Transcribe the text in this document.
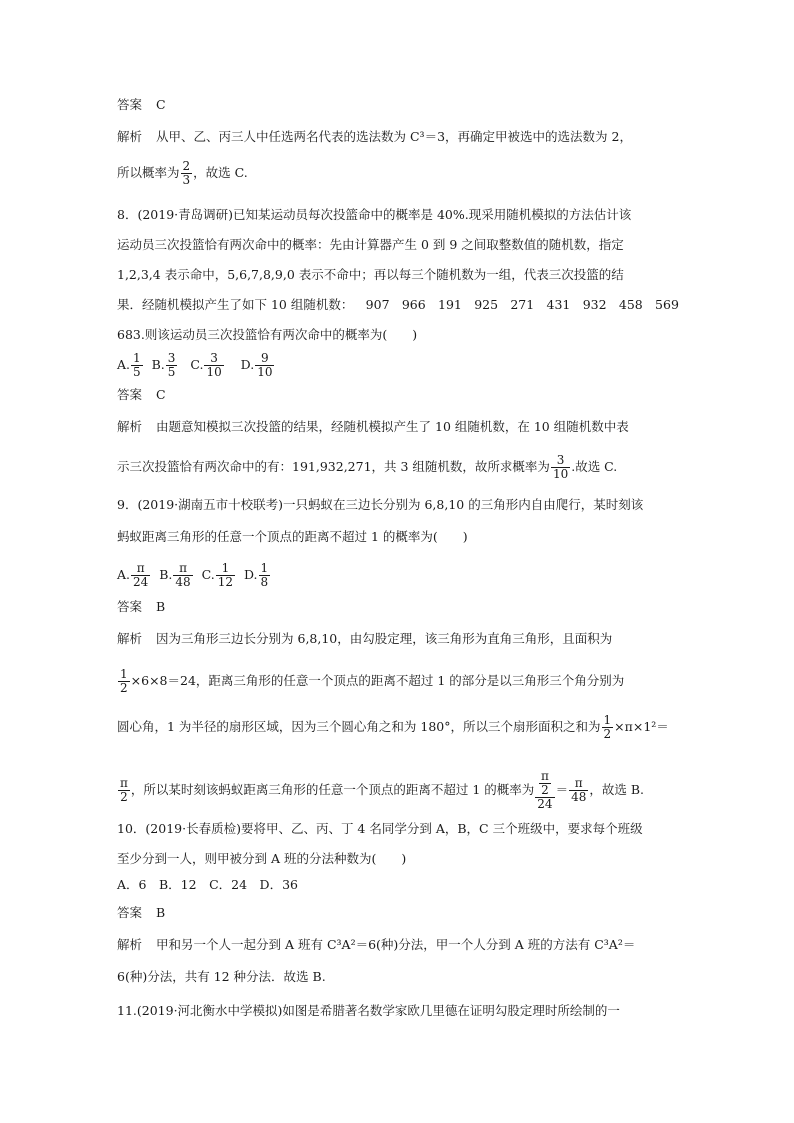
答案 C
解析 从甲、乙、丙三人中任选两名代表的选法数为 C³＝3，再确定甲被选中的选法数为 2，
所以概率为 $\frac{2}{3}$ ，故选 C.
8．(2019·青岛调研)已知某运动员每次投篮命中的概率是 40%.现采用随机模拟的方法估计该
运动员三次投篮恰有两次命中的概率：先由计算器产生 0 到 9 之间取整数值的随机数，指定
1,2,3,4 表示命中，5,6,7,8,9,0 表示不命中；再以每三个随机数为一组，代表三次投篮的结
果．经随机模拟产生了如下 10 组随机数： 907 966 191 925 271 431 932 458 569
683.则该运动员三次投篮恰有两次命中的概率为(　　)
A. $\frac{1}{5} B$. $\frac{3}{5} C$. $\frac{3}{10} D$. $\frac{9}{10}$
答案 C
解析 由题意知模拟三次投篮的结果，经随机模拟产生了 10 组随机数，在 10 组随机数中表
示三次投篮恰有两次命中的有：191,932,271，共 3 组随机数，故所求概率为 $\frac{3}{10}$ .故选 C.
9．(2019·湖南五市十校联考)一只蚂蚁在三边长分别为 6,8,10 的三角形内自由爬行，某时刻该
蚂蚁距离三角形的任意一个顶点的距离不超过 1 的概率为(　　)
A. $\frac{\pi}{24} B$. $\frac{\pi}{48} C$. $\frac{1}{12} D$. $\frac{1}{8}$
答案 B
解析 因为三角形三边长分别为 6,8,10，由勾股定理，该三角形为直角三角形，且面积为
$\frac{1}{2} \times 6\times 8=24$，距离三角形的任意一个顶点的距离不超过 1 的部分是以三角形三个角分别为
圆心角，1 为半径的扇形区域，因为三个圆心角之和为 180°，所以三个扇形面积之和为 $\frac{1}{2} \times\pi\times 1^2=$
$\frac{\pi}{2}$ ，所以某时刻该蚂蚁距离三角形的任意一个顶点的距离不超过 1 的概率为 $\frac{\frac{\pi}{2}}{24} = \frac{\pi}{48}$ ，故选 B.
10．(2019·长春质检)要将甲、乙、丙、丁 4 名同学分到 A，B，C 三个班级中，要求每个班级
至少分到一人，则甲被分到 A 班的分法种数为(　　)
A．6　B．12　C．24　D．36
答案 B
解析 甲和另一个人一起分到 A 班有 C³A²＝6(种)分法，甲一个人分到 A 班的方法有 C³A²＝
6(种)分法，共有 12 种分法．故选 B.
11.(2019·河北衡水中学模拟)如图是希腊著名数学家欧几里德在证明勾股定理时所绘制的一
